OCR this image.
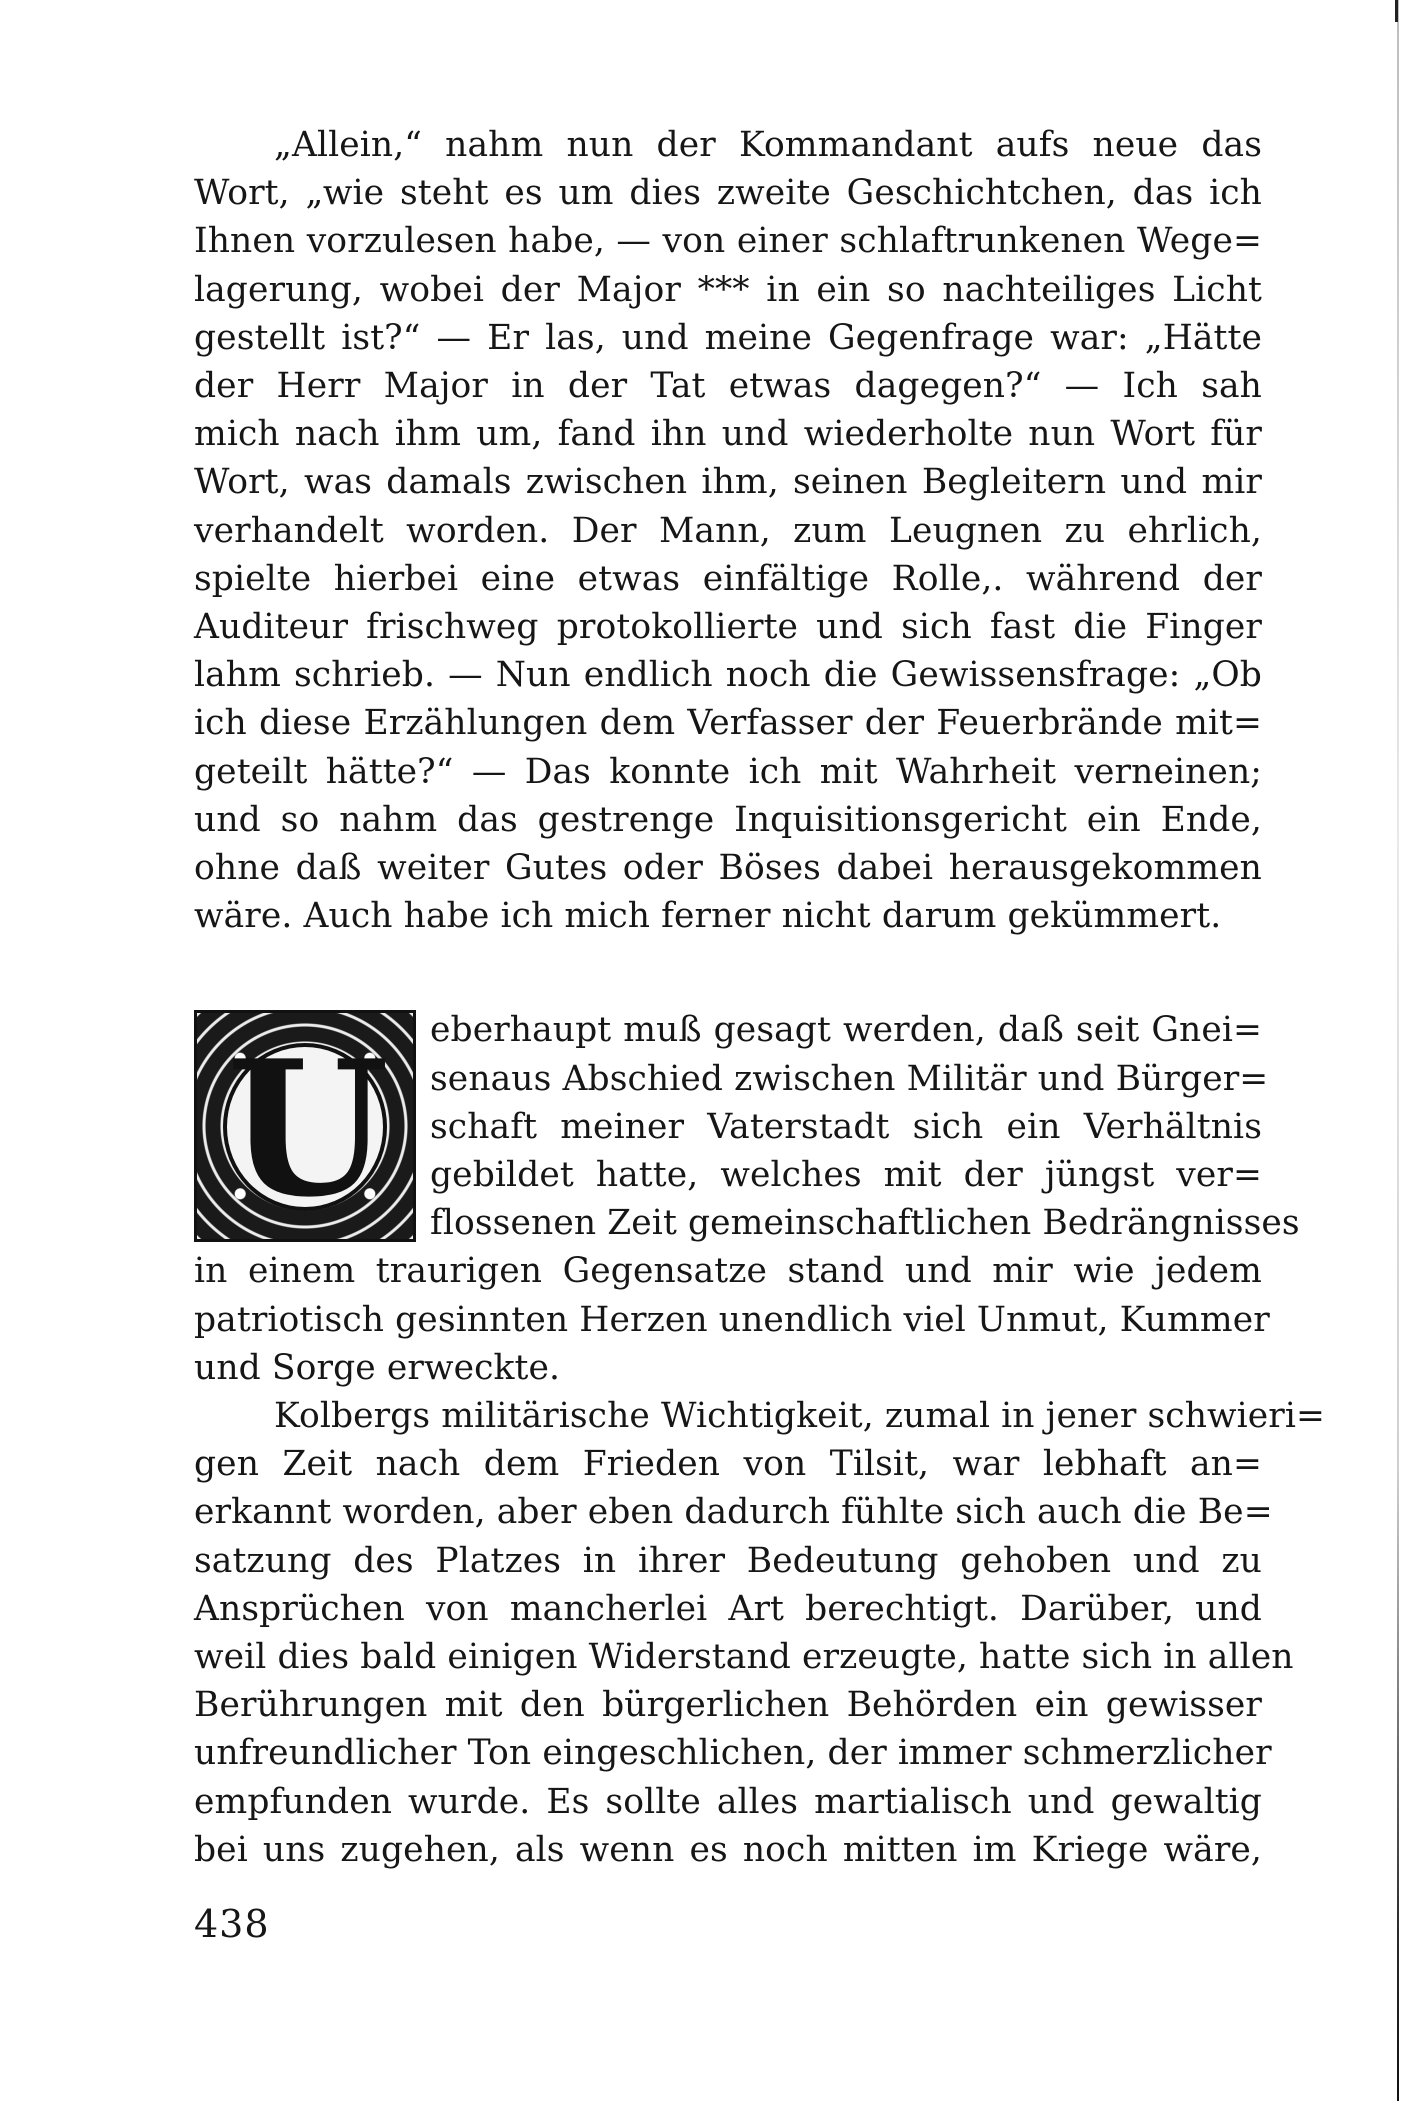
„Allein,“ nahm nun der Kommandant aufs neue das
Wort, „wie steht es um dies zweite Geschichtchen, das ich
Ihnen vorzulesen habe, — von einer schlaftrunkenen Wege=
lagerung, wobei der Major *** in ein so nachteiliges Licht
gestellt ist?“ — Er las, und meine Gegenfrage war: „Hätte
der Herr Major in der Tat etwas dagegen?“ — Ich sah
mich nach ihm um, fand ihn und wiederholte nun Wort für
Wort, was damals zwischen ihm, seinen Begleitern und mir
verhandelt worden. Der Mann, zum Leugnen zu ehrlich,
spielte hierbei eine etwas einfältige Rolle,. während der
Auditeur frischweg protokollierte und sich fast die Finger
lahm schrieb. — Nun endlich noch die Gewissensfrage: „Ob
ich diese Erzählungen dem Verfasser der Feuerbrände mit=
geteilt hätte?“ — Das konnte ich mit Wahrheit verneinen;
und so nahm das gestrenge Inquisitionsgericht ein Ende,
ohne daß weiter Gutes oder Böses dabei herausgekommen
wäre. Auch habe ich mich ferner nicht darum gekümmert.
U	eberhaupt muß gesagt werden, daß seit Gnei=
senaus Abschied zwischen Militär und Bürger=
schaft meiner Vaterstadt sich ein Verhältnis
gebildet hatte, welches mit der jüngst ver=
flossenen Zeit gemeinschaftlichen Bedrängnisses
in einem traurigen Gegensatze stand und mir wie jedem
patriotisch gesinnten Herzen unendlich viel Unmut, Kummer
und Sorge erweckte.
Kolbergs militärische Wichtigkeit, zumal in jener schwieri=
gen Zeit nach dem Frieden von Tilsit, war lebhaft an=
erkannt worden, aber eben dadurch fühlte sich auch die Be=
satzung des Platzes in ihrer Bedeutung gehoben und zu
Ansprüchen von mancherlei Art berechtigt. Darüber, und
weil dies bald einigen Widerstand erzeugte, hatte sich in allen
Berührungen mit den bürgerlichen Behörden ein gewisser
unfreundlicher Ton eingeschlichen, der immer schmerzlicher
empfunden wurde. Es sollte alles martialisch und gewaltig
bei uns zugehen, als wenn es noch mitten im Kriege wäre,
438
